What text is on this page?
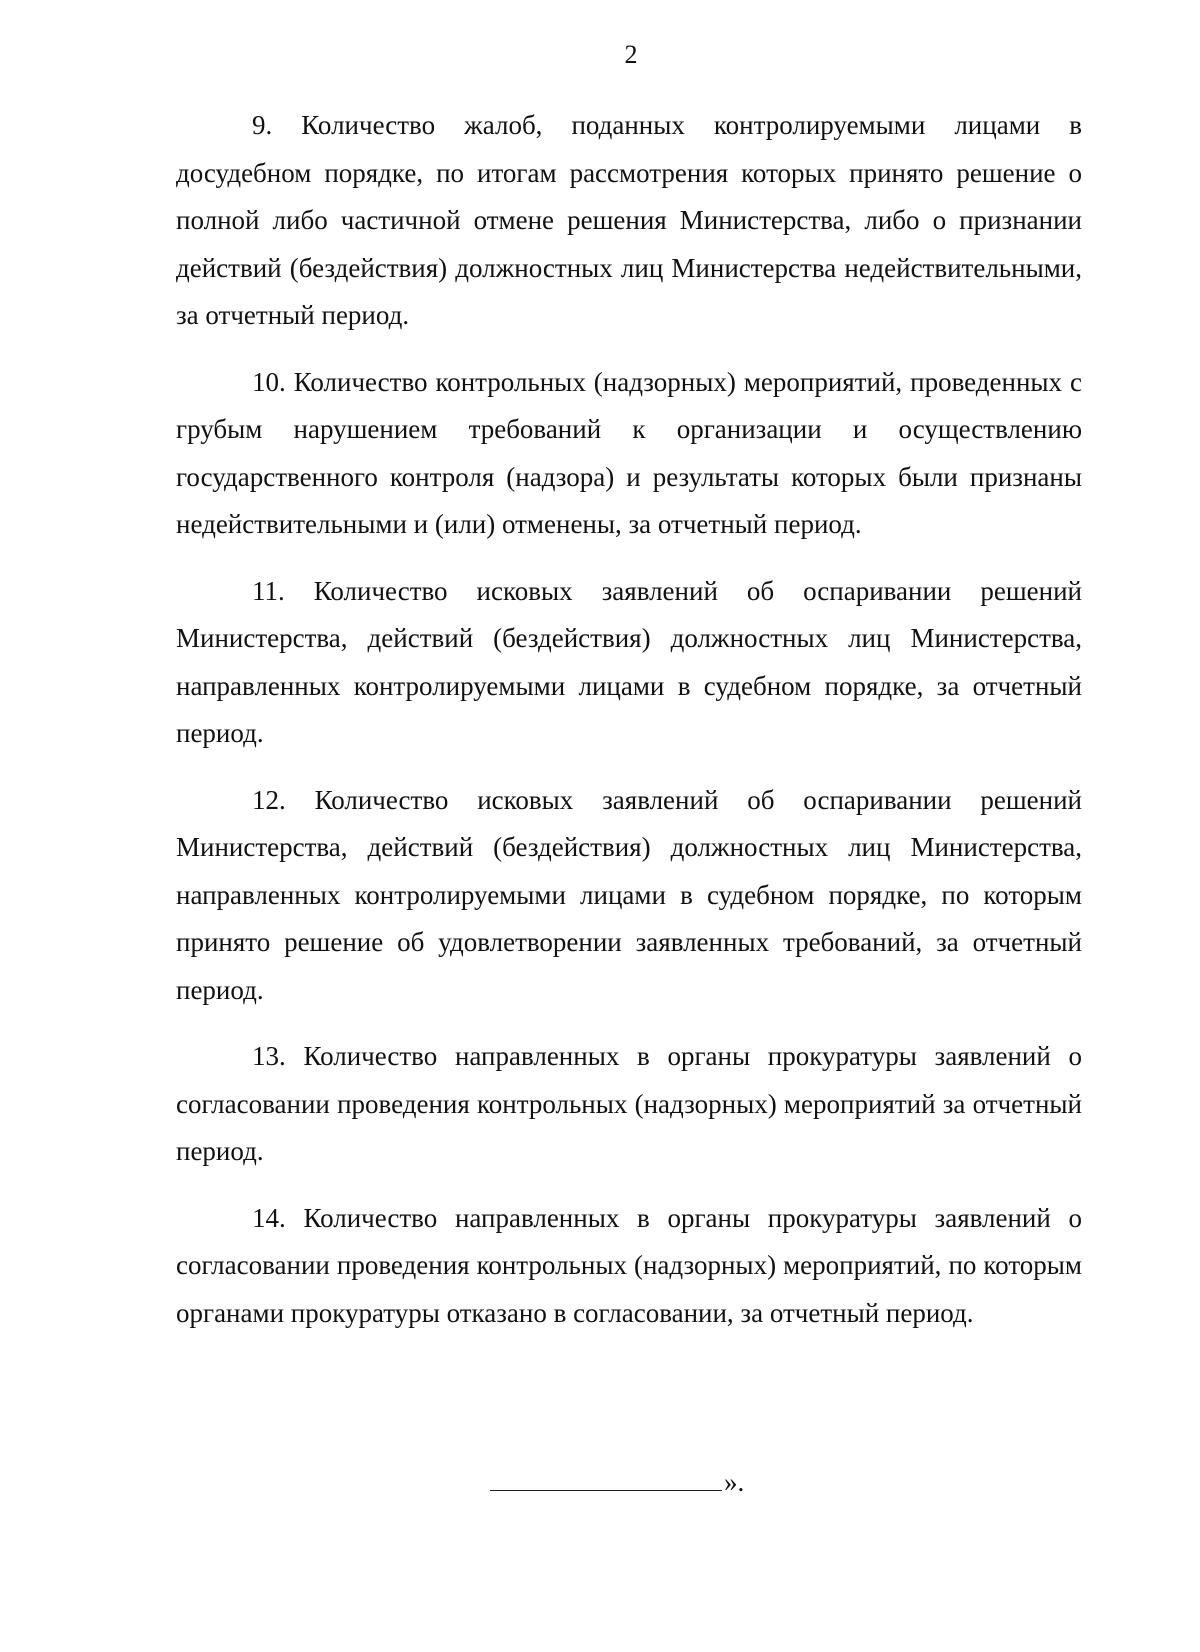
2

9. Количество жалоб, поданных контролируемыми лицами в досудебном порядке, по итогам рассмотрения которых принято решение о полной либо частичной отмене решения Министерства, либо о признании действий (бездействия) должностных лиц Министерства недействительными, за отчетный период.

10. Количество контрольных (надзорных) мероприятий, проведенных с грубым нарушением требований к организации и осуществлению государственного контроля (надзора) и результаты которых были признаны недействительными и (или) отменены, за отчетный период.

11. Количество исковых заявлений об оспаривании решений Министерства, действий (бездействия) должностных лиц Министерства, направленных контролируемыми лицами в судебном порядке, за отчетный период.

12. Количество исковых заявлений об оспаривании решений Министерства, действий (бездействия) должностных лиц Министерства, направленных контролируемыми лицами в судебном порядке, по которым принято решение об удовлетворении заявленных требований, за отчетный период.

13. Количество направленных в органы прокуратуры заявлений о согласовании проведения контрольных (надзорных) мероприятий за отчетный период.

14. Количество направленных в органы прокуратуры заявлений о согласовании проведения контрольных (надзорных) мероприятий, по которым органами прокуратуры отказано в согласовании, за отчетный период.

».
